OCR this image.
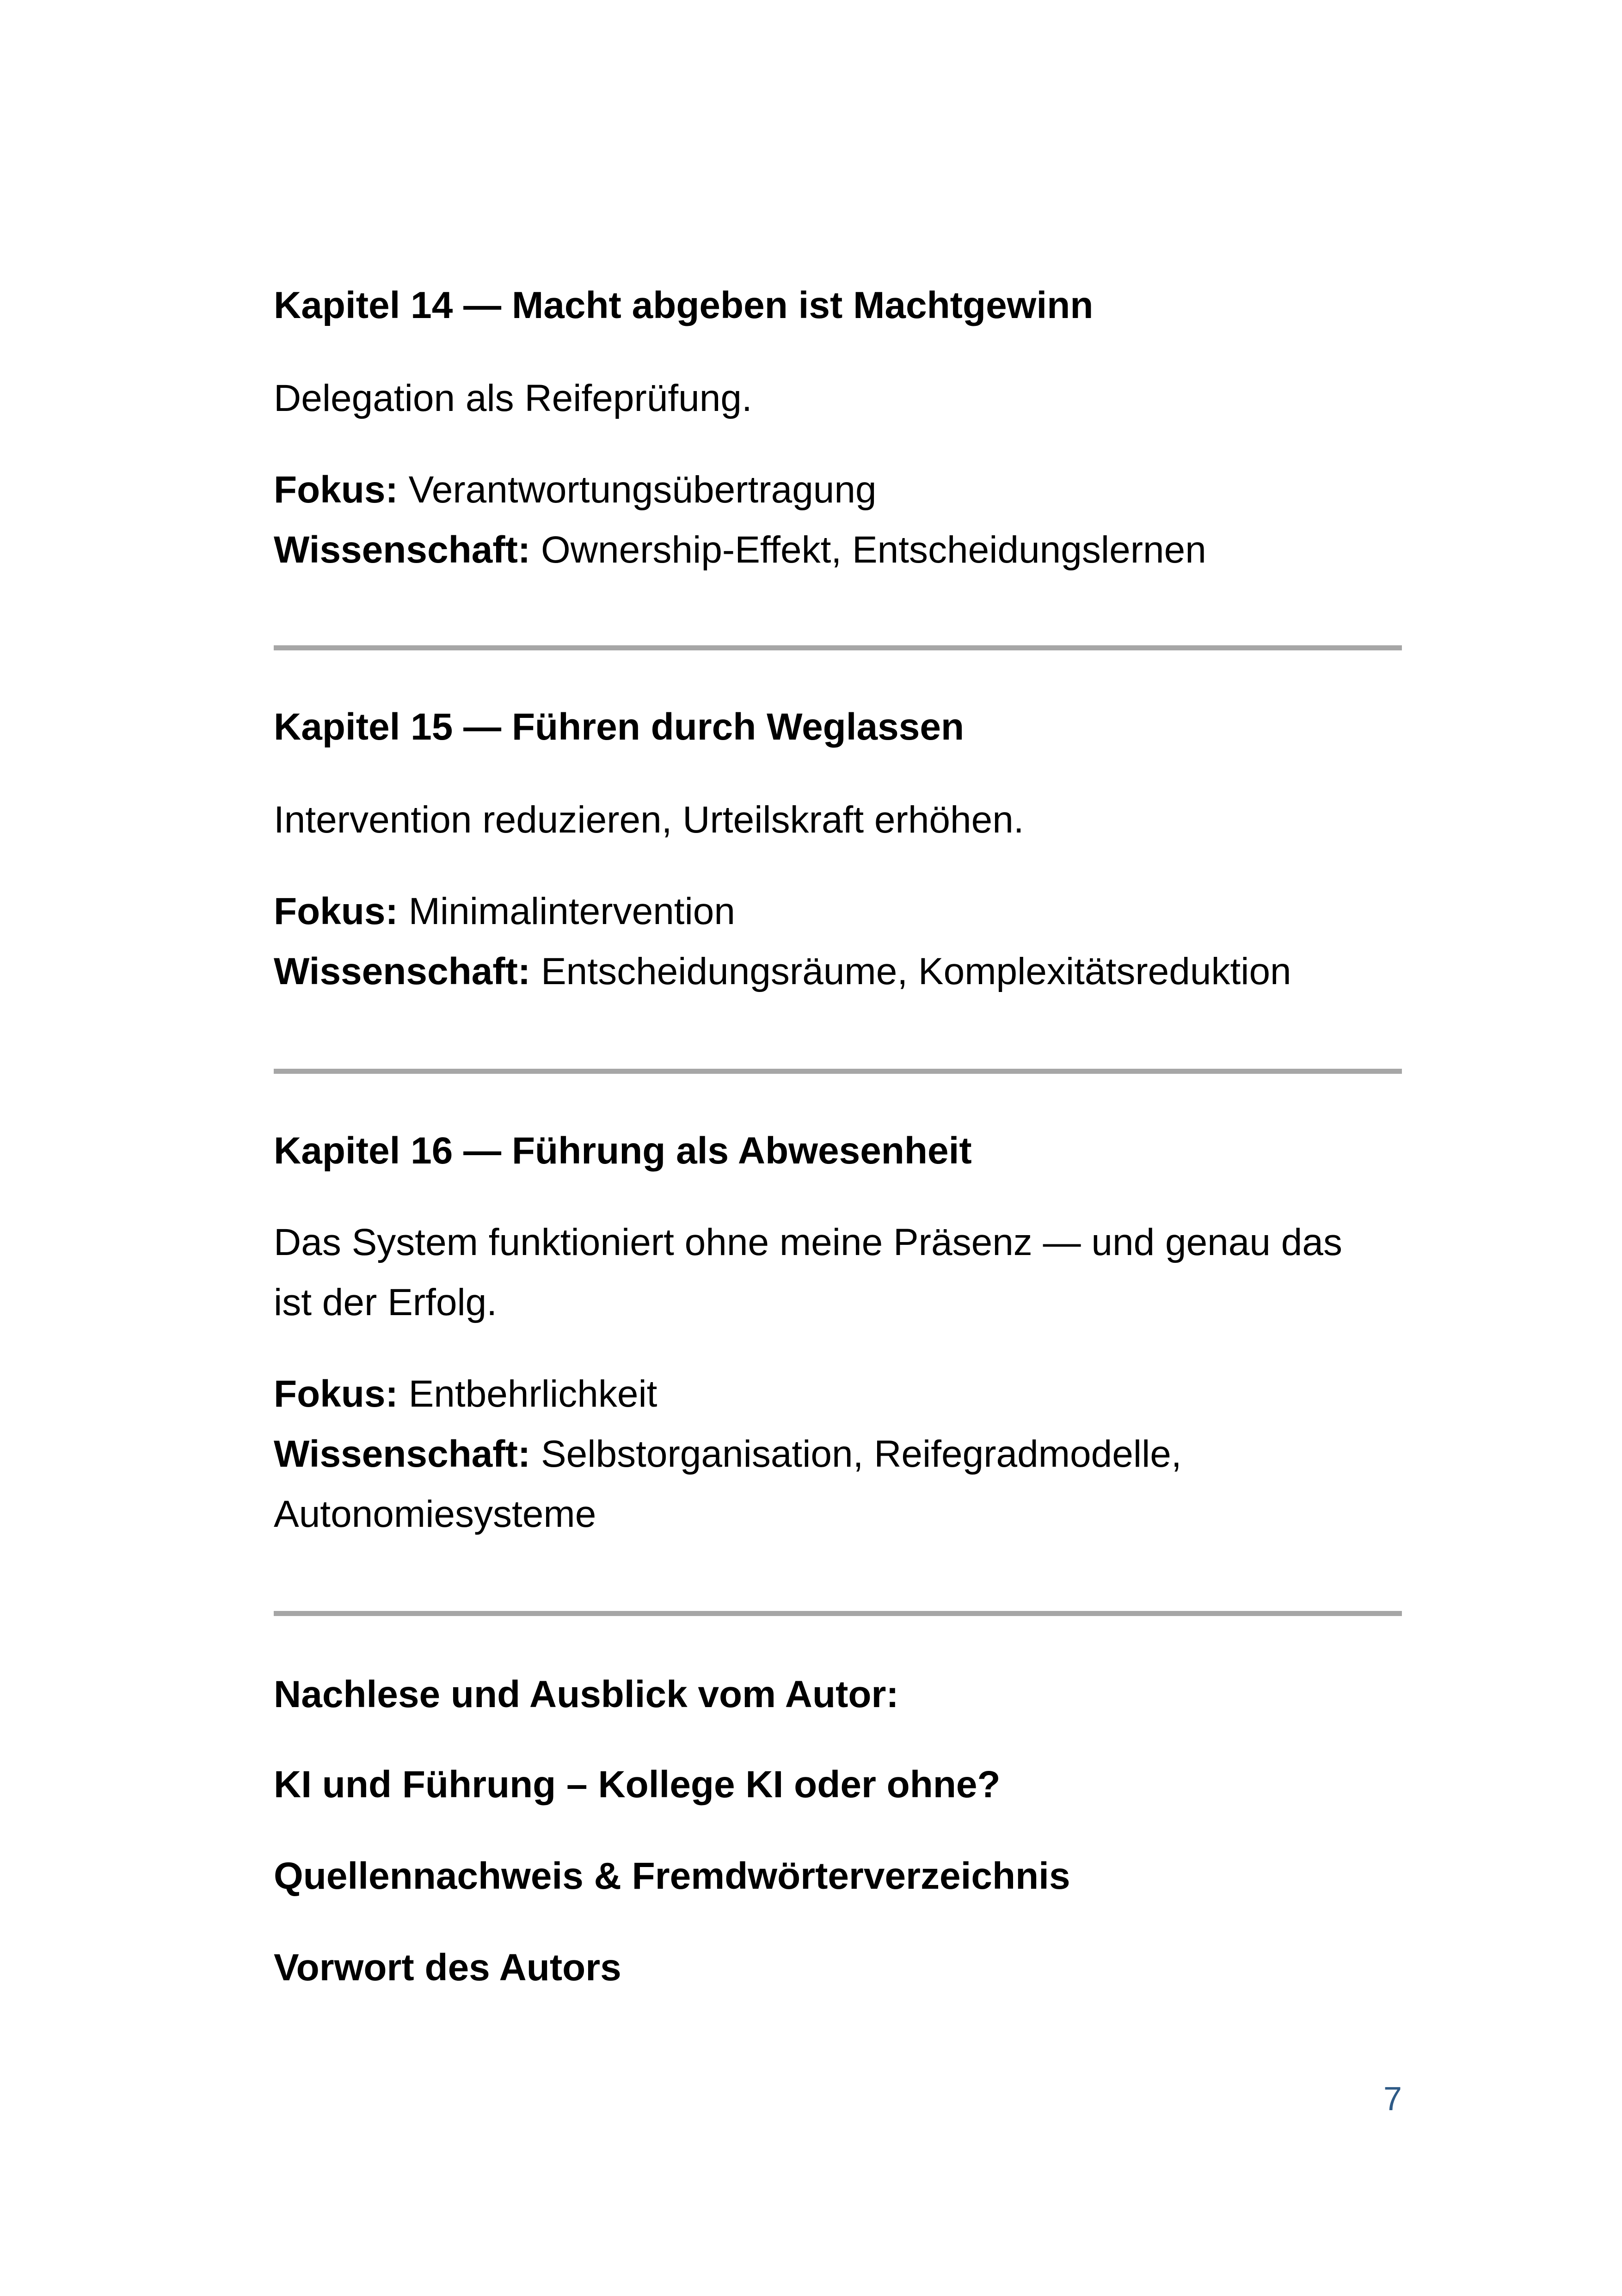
Kapitel 14 — Macht abgeben ist Machtgewinn

Delegation als Reifeprüfung.

Fokus: Verantwortungsübertragung
Wissenschaft: Ownership-Effekt, Entscheidungslernen

Kapitel 15 — Führen durch Weglassen

Intervention reduzieren, Urteilskraft erhöhen.

Fokus: Minimalintervention
Wissenschaft: Entscheidungsräume, Komplexitätsreduktion

Kapitel 16 — Führung als Abwesenheit

Das System funktioniert ohne meine Präsenz — und genau das ist der Erfolg.

Fokus: Entbehrlichkeit
Wissenschaft: Selbstorganisation, Reifegradmodelle, Autonomiesysteme

Nachlese und Ausblick vom Autor:
KI und Führung – Kollege KI oder ohne?
Quellennachweis & Fremdwörterverzeichnis
Vorwort des Autors
7
